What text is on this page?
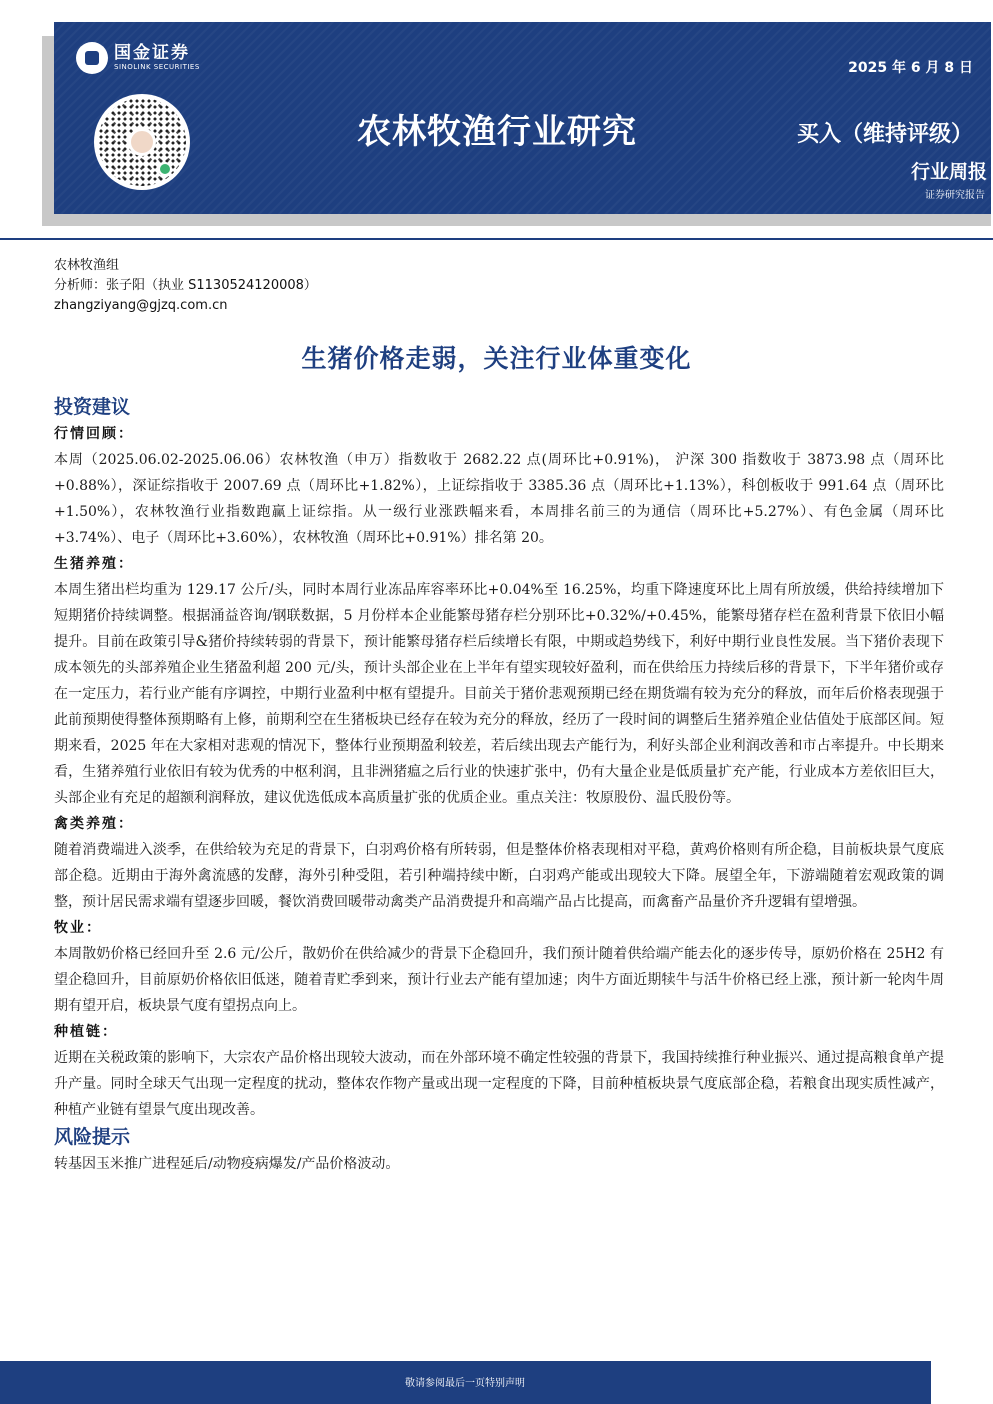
国金证券
SINOLINK SECURITIES	2025 年 6 月 8 日
农林牧渔行业研究	买入（维持评级）
行业周报
证券研究报告
农林牧渔组
分析师：张子阳（执业 S1130524120008）
zhangziyang@gjzq.com.cn
生猪价格走弱，关注行业体重变化
投资建议
行情回顾：

本周（2025.06.02-2025.06.06）农林牧渔（申万）指数收于 2682.22 点(周环比+0.91%)， 沪深 300 指数收于 3873.98 点（周环比+0.88%），深证综指收于 2007.69 点（周环比+1.82%），上证综指收于 3385.36 点（周环比+1.13%），科创板收于 991.64 点（周环比+1.50%），农林牧渔行业指数跑赢上证综指。从一级行业涨跌幅来看，本周排名前三的为通信（周环比+5.27%）、有色金属（周环比+3.74%）、电子（周环比+3.60%），农林牧渔（周环比+0.91%）排名第 20。

生猪养殖：

本周生猪出栏均重为 129.17 公斤/头，同时本周行业冻品库容率环比+0.04%至 16.25%，均重下降速度环比上周有所放缓，供给持续增加下短期猪价持续调整。根据涌益咨询/钢联数据，5 月份样本企业能繁母猪存栏分别环比+0.32%/+0.45%，能繁母猪存栏在盈利背景下依旧小幅提升。目前在政策引导&猪价持续转弱的背景下，预计能繁母猪存栏后续增长有限，中期或趋势线下，利好中期行业良性发展。当下猪价表现下成本领先的头部养殖企业生猪盈利超 200 元/头，预计头部企业在上半年有望实现较好盈利，而在供给压力持续后移的背景下，下半年猪价或存在一定压力，若行业产能有序调控，中期行业盈利中枢有望提升。目前关于猪价悲观预期已经在期货端有较为充分的释放，而年后价格表现强于此前预期使得整体预期略有上修，前期利空在生猪板块已经存在较为充分的释放，经历了一段时间的调整后生猪养殖企业估值处于底部区间。短期来看，2025 年在大家相对悲观的情况下，整体行业预期盈利较差，若后续出现去产能行为，利好头部企业利润改善和市占率提升。中长期来看，生猪养殖行业依旧有较为优秀的中枢利润，且非洲猪瘟之后行业的快速扩张中，仍有大量企业是低质量扩充产能，行业成本方差依旧巨大，头部企业有充足的超额利润释放，建议优选低成本高质量扩张的优质企业。重点关注：牧原股份、温氏股份等。

禽类养殖：

随着消费端进入淡季，在供给较为充足的背景下，白羽鸡价格有所转弱，但是整体价格表现相对平稳，黄鸡价格则有所企稳，目前板块景气度底部企稳。近期由于海外禽流感的发酵，海外引种受阻，若引种端持续中断，白羽鸡产能或出现较大下降。展望全年，下游端随着宏观政策的调整，预计居民需求端有望逐步回暖，餐饮消费回暖带动禽类产品消费提升和高端产品占比提高，而禽畜产品量价齐升逻辑有望增强。

牧业：

本周散奶价格已经回升至 2.6 元/公斤，散奶价在供给减少的背景下企稳回升，我们预计随着供给端产能去化的逐步传导，原奶价格在 25H2 有望企稳回升，目前原奶价格依旧低迷，随着青贮季到来，预计行业去产能有望加速；肉牛方面近期犊牛与活牛价格已经上涨，预计新一轮肉牛周期有望开启，板块景气度有望拐点向上。

种植链：

近期在关税政策的影响下，大宗农产品价格出现较大波动，而在外部环境不确定性较强的背景下，我国持续推行种业振兴、通过提高粮食单产提升产量。同时全球天气出现一定程度的扰动，整体农作物产量或出现一定程度的下降，目前种植板块景气度底部企稳，若粮食出现实质性减产，种植产业链有望景气度出现改善。

风险提示

转基因玉米推广进程延后/动物疫病爆发/产品价格波动。

敬请参阅最后一页特别声明
